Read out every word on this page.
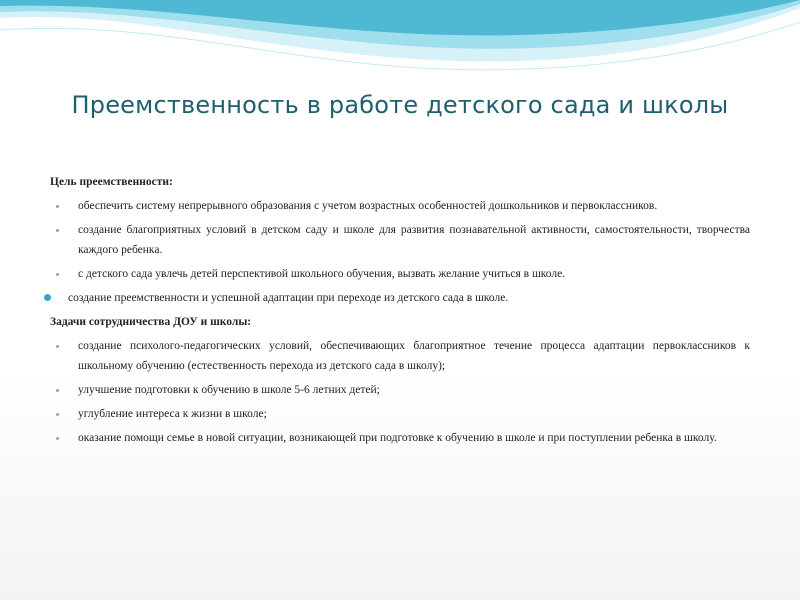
Преемственность в работе детского сада и школы
Цель преемственности:
обеспечить систему непрерывного образования с учетом возрастных особенностей дошкольников и первоклассников.
создание благоприятных условий в детском саду и школе для развития познавательной активности, самостоятельности, творчества каждого ребенка.
с детского сада увлечь детей перспективой школьного обучения, вызвать желание учиться в школе.
создание преемственности и успешной адаптации при переходе из детского сада в школе.
Задачи сотрудничества ДОУ и школы:
создание психолого-педагогических условий, обеспечивающих благоприятное течение процесса адаптации первоклассников к школьному обучению (естественность перехода из детского сада в школу);
улучшение подготовки к обучению в школе 5-6 летних детей;
углубление интереса к жизни в школе;
оказание помощи семье в новой ситуации, возникающей при подготовке к обучению в школе и при поступлении ребенка в школу.
